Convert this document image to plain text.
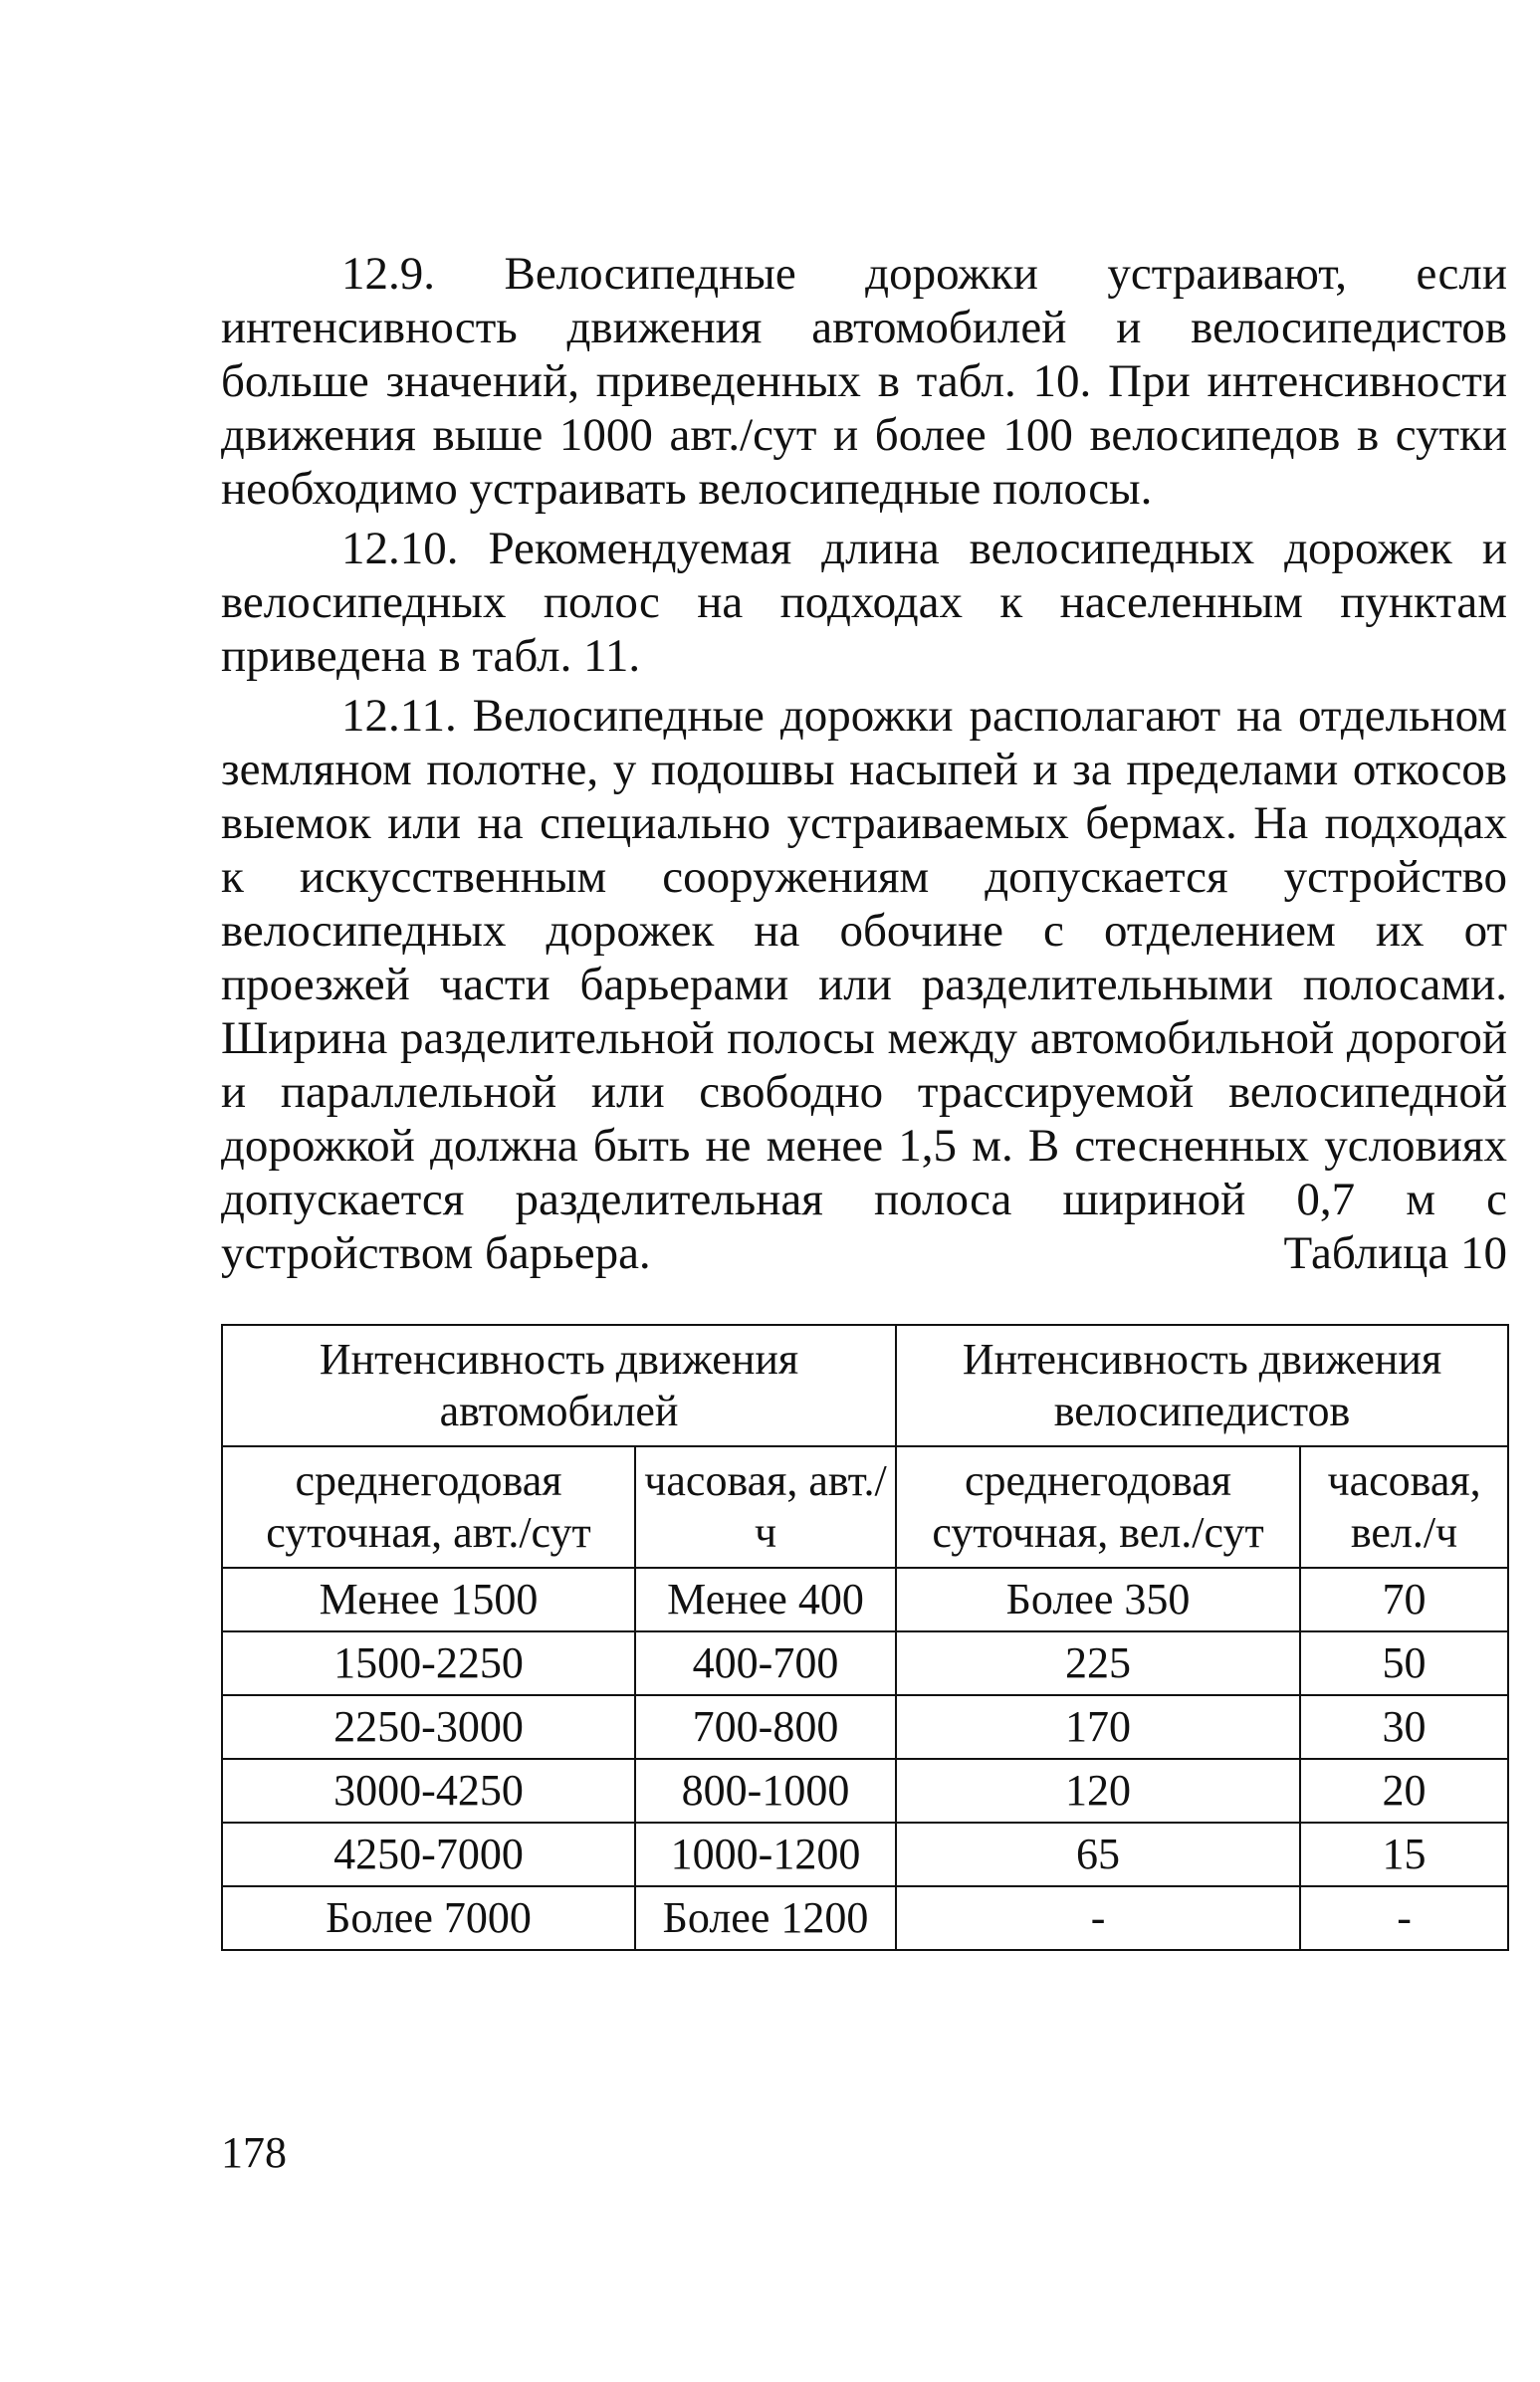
12.9. Велосипедные дорожки устраивают, если интенсивность движения автомобилей и велосипедистов больше значений, приведенных в табл. 10. При интенсивности движения выше 1000 авт./сут и более 100 велосипедов в сутки необходимо устраивать велосипедные полосы.

12.10. Рекомендуемая длина велосипедных дорожек и велосипедных полос на подходах к населенным пунктам приведена в табл. 11.

12.11. Велосипедные дорожки располагают на отдельном земляном полотне, у подошвы насыпей и за пределами откосов выемок или на специально устраиваемых бермах. На подходах к искусственным сооружениям допускается устройство велосипедных дорожек на обочине с отделением их от проезжей части барьерами или разделительными полосами. Ширина разделительной полосы между автомобильной дорогой и параллельной или свободно трассируемой велосипедной дорожкой должна быть не менее 1,5 м. В стесненных условиях допускается разделительная полоса шириной 0,7 м с устройством барьера.	Таблица 10
Интенсивность движения автомобилей		Интенсивность движения велосипедистов	
среднегодовая суточная, авт./сут	часовая, авт./ч	среднегодовая суточная, вел./сут	часовая, вел./ч
Менее 1500	Менее 400	Более 350	70
1500-2250	400-700	225	50
2250-3000	700-800	170	30
3000-4250	800-1000	120	20
4250-7000	1000-1200	65	15
Более 7000	Более 1200	-	-
178
